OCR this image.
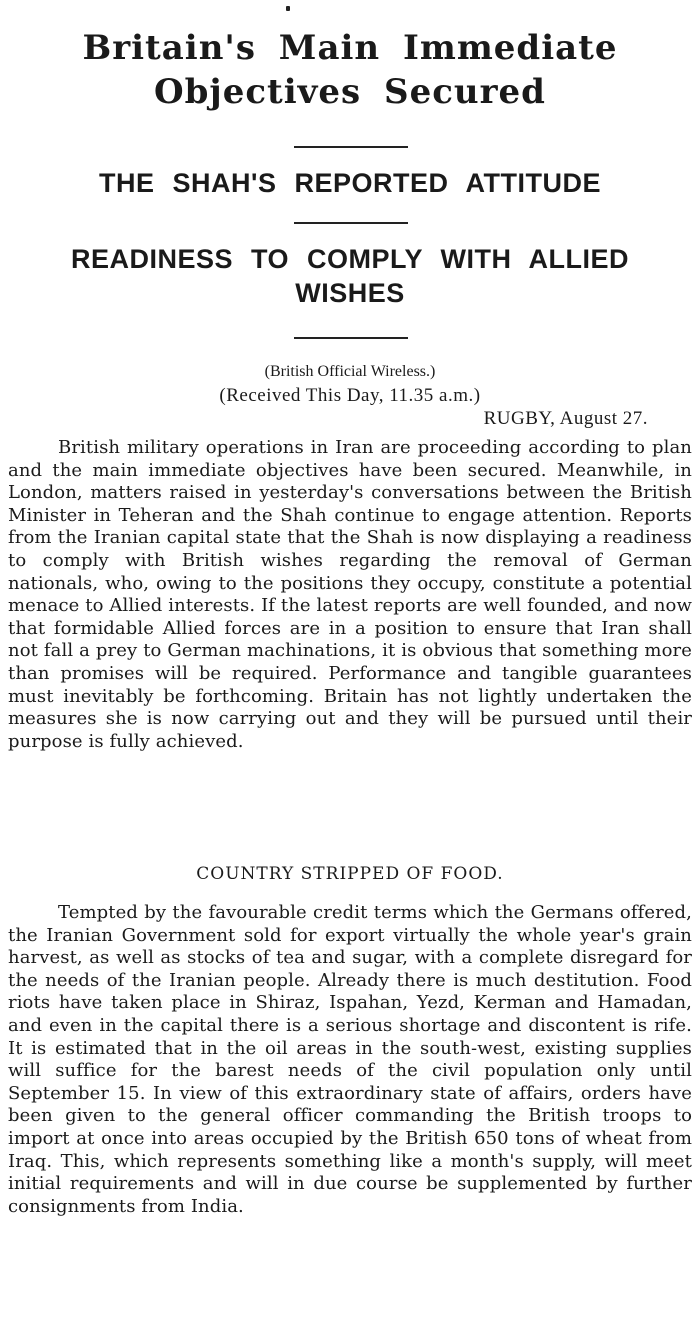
Britain's Main Immediate Objectives Secured
THE SHAH'S REPORTED ATTITUDE
READINESS TO COMPLY WITH ALLIED WISHES
(British Official Wireless.)
(Received This Day, 11.35 a.m.)
RUGBY, August 27.

British military operations in Iran are proceeding according to plan and the main immediate objectives have been secured. Meanwhile, in London, matters raised in yesterday's conversations between the British Minister in Teheran and the Shah continue to engage attention. Reports from the Iranian capital state that the Shah is now displaying a readiness to comply with British wishes regarding the removal of German nationals, who, owing to the positions they occupy, constitute a potential menace to Allied interests. If the latest reports are well founded, and now that formidable Allied forces are in a position to ensure that Iran shall not fall a prey to German machinations, it is obvious that something more than promises will be required. Performance and tangible guarantees must inevitably be forthcoming. Britain has not lightly undertaken the measures she is now carrying out and they will be pursued until their purpose is fully achieved.

COUNTRY STRIPPED OF FOOD.

Tempted by the favourable credit terms which the Germans offered, the Iranian Government sold for export virtually the whole year's grain harvest, as well as stocks of tea and sugar, with a complete disregard for the needs of the Iranian people. Already there is much destitution. Food riots have taken place in Shiraz, Ispahan, Yezd, Kerman and Hamadan, and even in the capital there is a serious shortage and discontent is rife. It is estimated that in the oil areas in the south-west, existing supplies will suffice for the barest needs of the civil population only until September 15. In view of this extraordinary state of affairs, orders have been given to the general officer commanding the British troops to import at once into areas occupied by the British 650 tons of wheat from Iraq. This, which represents something like a month's supply, will meet initial requirements and will in due course be supplemented by further consignments from India.
